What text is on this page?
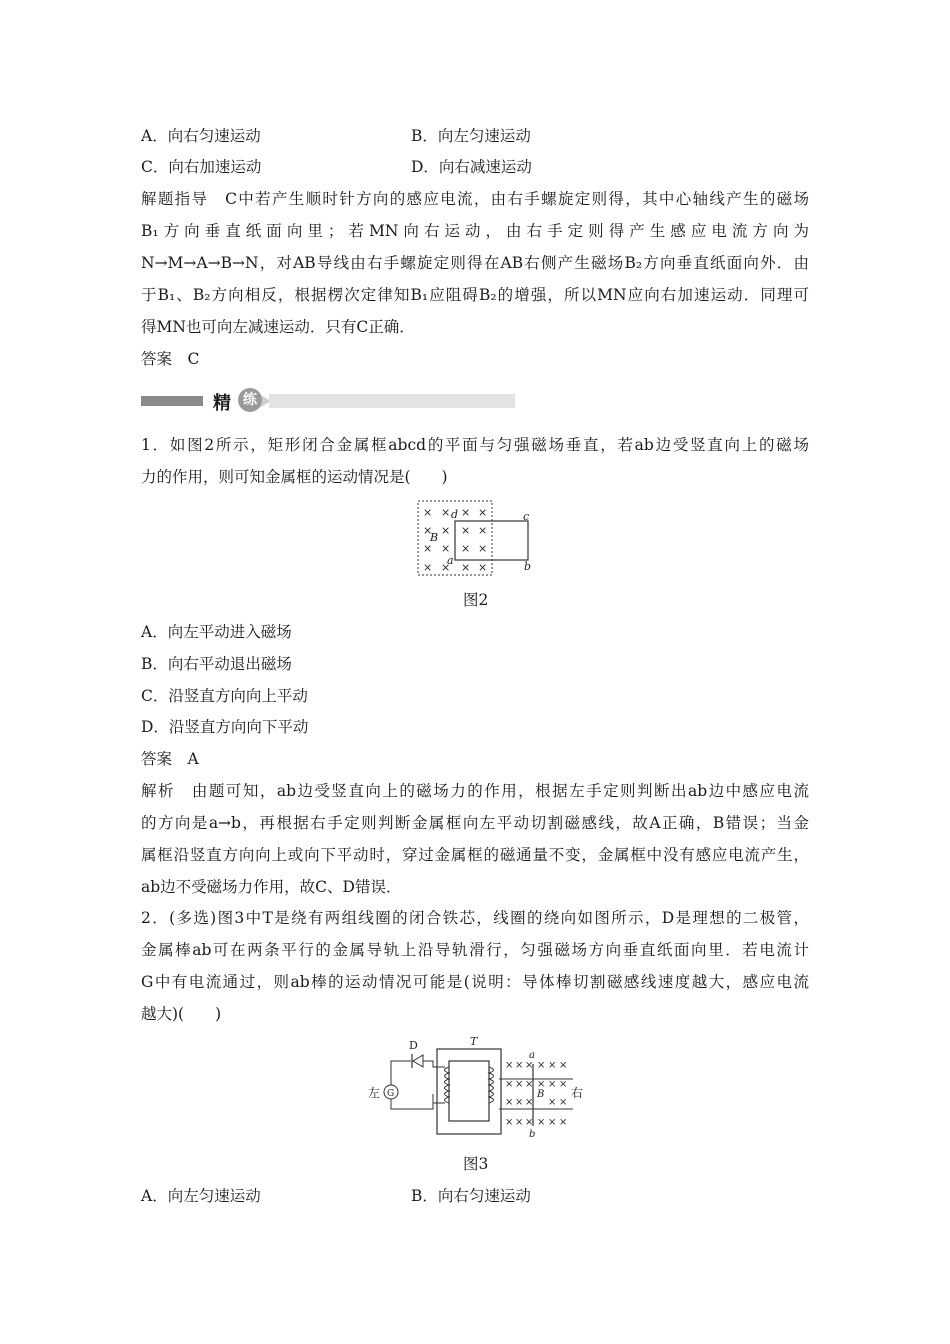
A．向右匀速运动	B．向左匀速运动
C．向右加速运动	D．向右减速运动
解题指导　C中若产生顺时针方向的感应电流，由右手螺旋定则得，其中心轴线产生的磁场
B₁方向垂直纸面向里；若MN向右运动，由右手定则得产生感应电流方向为
N→M→A→B→N，对AB导线由右手螺旋定则得在AB右侧产生磁场B₂方向垂直纸面向外．由
于B₁、B₂方向相反，根据楞次定律知B₁应阻碍B₂的增强，所以MN应向右加速运动．同理可
得MN也可向左减速运动．只有C正确．
答案　C
精 练
1．如图2所示，矩形闭合金属框abcd的平面与匀强磁场垂直，若ab边受竖直向上的磁场
力的作用，则可知金属框的运动情况是(　　)
× × × ×
× × × ×
× × × ×
× × × ×
d
B
a
c
b
图2
A．向左平动进入磁场
B．向右平动退出磁场
C．沿竖直方向向上平动
D．沿竖直方向向下平动
答案　A
解析　由题可知，ab边受竖直向上的磁场力的作用，根据左手定则判断出ab边中感应电流
的方向是a→b，再根据右手定则判断金属框向左平动切割磁感线，故A正确，B错误；当金
属框沿竖直方向向上或向下平动时，穿过金属框的磁通量不变，金属框中没有感应电流产生，
ab边不受磁场力作用，故C、D错误．
2．(多选)图3中T是绕有两组线圈的闭合铁芯，线圈的绕向如图所示，D是理想的二极管，
金属棒ab可在两条平行的金属导轨上沿导轨滑行，匀强磁场方向垂直纸面向里．若电流计
G中有电流通过，则ab棒的运动情况可能是(说明：导体棒切割磁感线速度越大，感应电流
越大)(　　)
T
D
G
左
a
b
B 右
× × × × × ×
× × × × × ×
× × × × ×
× × × × × ×
图3
A．向左匀速运动	B．向右匀速运动
